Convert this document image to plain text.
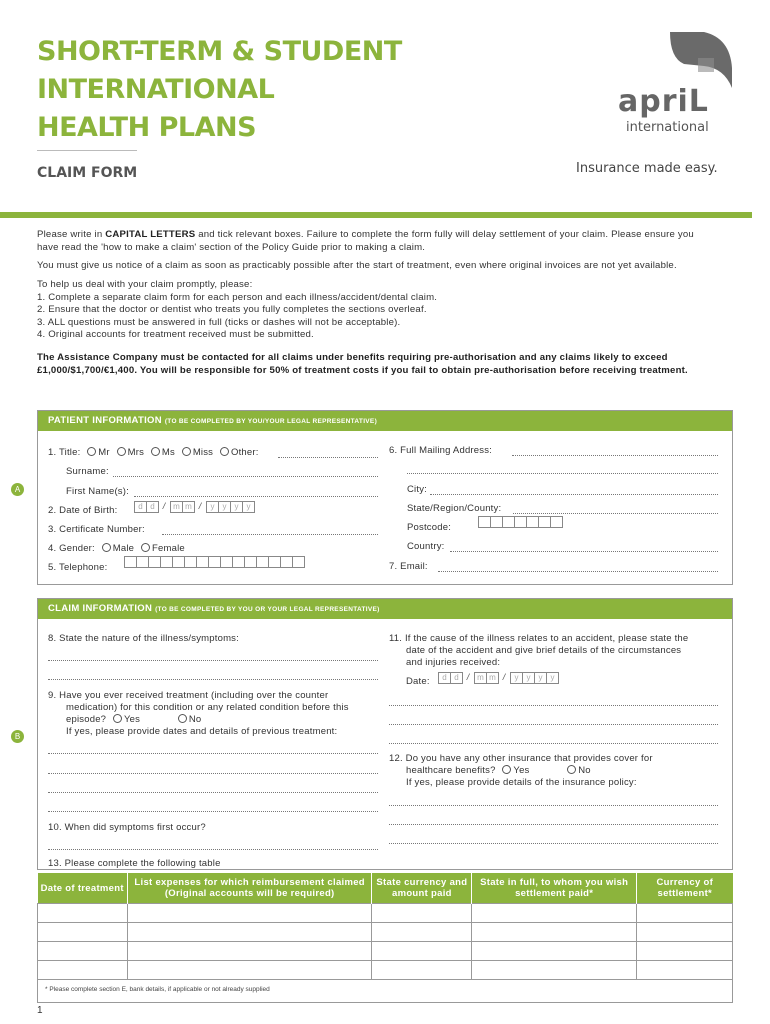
SHORT-TERM & STUDENT
INTERNATIONAL
HEALTH PLANS
CLAIM FORM
apriL
international
Insurance made easy.
Please write in CAPITAL LETTERS and tick relevant boxes. Failure to complete the form fully will delay settlement of your claim. Please ensure you have read the 'how to make a claim' section of the Policy Guide prior to making a claim.
You must give us notice of a claim as soon as practicably possible after the start of treatment, even where original invoices are not yet available.
To help us deal with your claim promptly, please:
1. Complete a separate claim form for each person and each illness/accident/dental claim.
2. Ensure that the doctor or dentist who treats you fully completes the sections overleaf.
3. ALL questions must be answered in full (ticks or dashes will not be acceptable).
4. Original accounts for treatment received must be submitted.
The Assistance Company must be contacted for all claims under benefits requiring pre-authorisation and any claims likely to exceed £1,000/$1,700/€1,400. You will be responsible for 50% of treatment costs if you fail to obtain pre-authorisation before receiving treatment.
PATIENT INFORMATION (TO BE COMPLETED BY YOU/YOUR LEGAL REPRESENTATIVE)
A
1. Title: Mr Mrs Ms Miss Other:
Surname:
First Name(s):
2. Date of Birth:	d d / m m /	y	y	y	y
3. Certificate Number:
4. Gender: Male Female
5. Telephone:
6. Full Mailing Address:
City:
State/Region/County:
Postcode:
Country:
7. Email:
CLAIM INFORMATION (TO BE COMPLETED BY YOU OR YOUR LEGAL REPRESENTATIVE)
B
8. State the nature of the illness/symptoms:
9. Have you ever received treatment (including over the counter
medication) for this condition or any related condition before this
episode? Yes	No
If yes, please provide dates and details of previous treatment:
10. When did symptoms first occur?
11. If the cause of the illness relates to an accident, please state the
date of the accident and give brief details of the circumstances
and injuries received:
Date:	d d / m m /	y	y	y	y
12. Do you have any other insurance that provides cover for
healthcare benefits? Yes	No
If yes, please provide details of the insurance policy:
13. Please complete the following table
Date of treatment	List expenses for which reimbursement claimed (Original accounts will be required)	State currency and amount paid	State in full, to whom you wish settlement paid*	Currency of settlement*

* Please complete section E, bank details, if applicable or not already supplied
1
